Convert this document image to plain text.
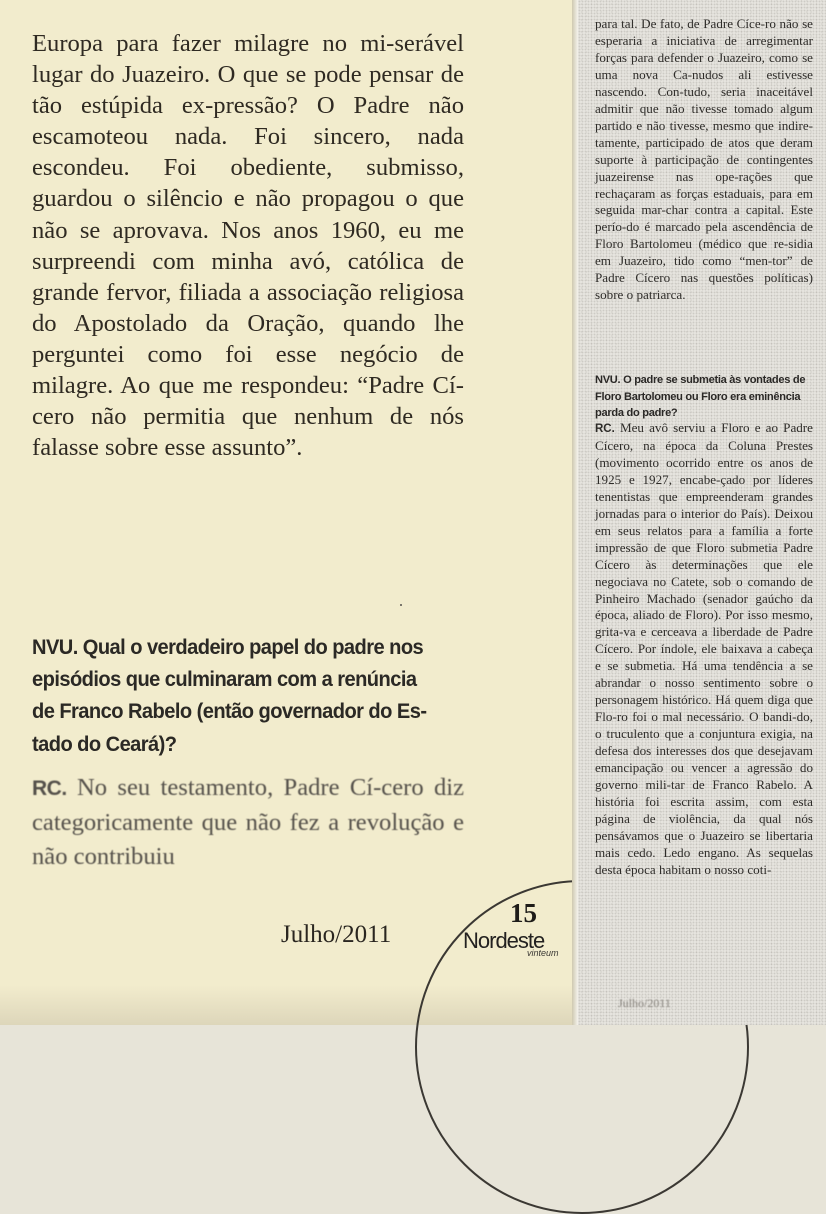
Europa para fazer milagre no mi-serável lugar do Juazeiro. O que se pode pensar de tão estúpida ex-pressão? O Padre não escamoteou nada. Foi sincero, nada escondeu. Foi obediente, submisso, guardou o silêncio e não propagou o que não se aprovava. Nos anos 1960, eu me surpreendi com minha avó, católica de grande fervor, filiada a associação religiosa do Apostolado da Oração, quando lhe perguntei como foi esse negócio de milagre. Ao que me respondeu: “Padre Cí-cero não permitia que nenhum de nós falasse sobre esse assunto”.

NVU. Qual o verdadeiro papel do padre nos episódios que culminaram com a renúncia de Franco Rabelo (então governador do Es-tado do Ceará)?

RC. No seu testamento, Padre Cí-cero diz categoricamente que não fez a revolução e não contribuiu

Julho/2011
15
Nordeste
vinteum

para tal. De fato, de Padre Cíce-ro não se esperaria a iniciativa de arregimentar forças para defender o Juazeiro, como se uma nova Ca-nudos ali estivesse nascendo. Con-tudo, seria inaceitável admitir que não tivesse tomado algum partido e não tivesse, mesmo que indire-tamente, participado de atos que deram suporte à participação de contingentes juazeirense nas ope-rações que rechaçaram as forças estaduais, para em seguida mar-char contra a capital. Este perío-do é marcado pela ascendência de Floro Bartolomeu (médico que re-sidia em Juazeiro, tido como “men-tor” de Padre Cícero nas questões políticas) sobre o patriarca.

NVU. O padre se submetia às vontades de Floro Bartolomeu ou Floro era eminência parda do padre?

RC. Meu avô serviu a Floro e ao Padre Cícero, na época da Coluna Prestes (movimento ocorrido entre os anos de 1925 e 1927, encabe-çado por líderes tenentistas que empreenderam grandes jornadas para o interior do País). Deixou em seus relatos para a família a forte impressão de que Floro submetia Padre Cícero às determinações que ele negociava no Catete, sob o comando de Pinheiro Machado (senador gaúcho da época, aliado de Floro). Por isso mesmo, grita-va e cerceava a liberdade de Padre Cícero. Por índole, ele baixava a cabeça e se submetia. Há uma tendência a se abrandar o nosso sentimento sobre o personagem histórico. Há quem diga que Flo-ro foi o mal necessário. O bandi-do, o truculento que a conjuntura exigia, na defesa dos interesses dos que desejavam emancipação ou vencer a agressão do governo mili-tar de Franco Rabelo. A história foi escrita assim, com esta página de violência, da qual nós pensávamos que o Juazeiro se libertaria mais cedo. Ledo engano. As sequelas desta época habitam o nosso coti-

Julho/2011
